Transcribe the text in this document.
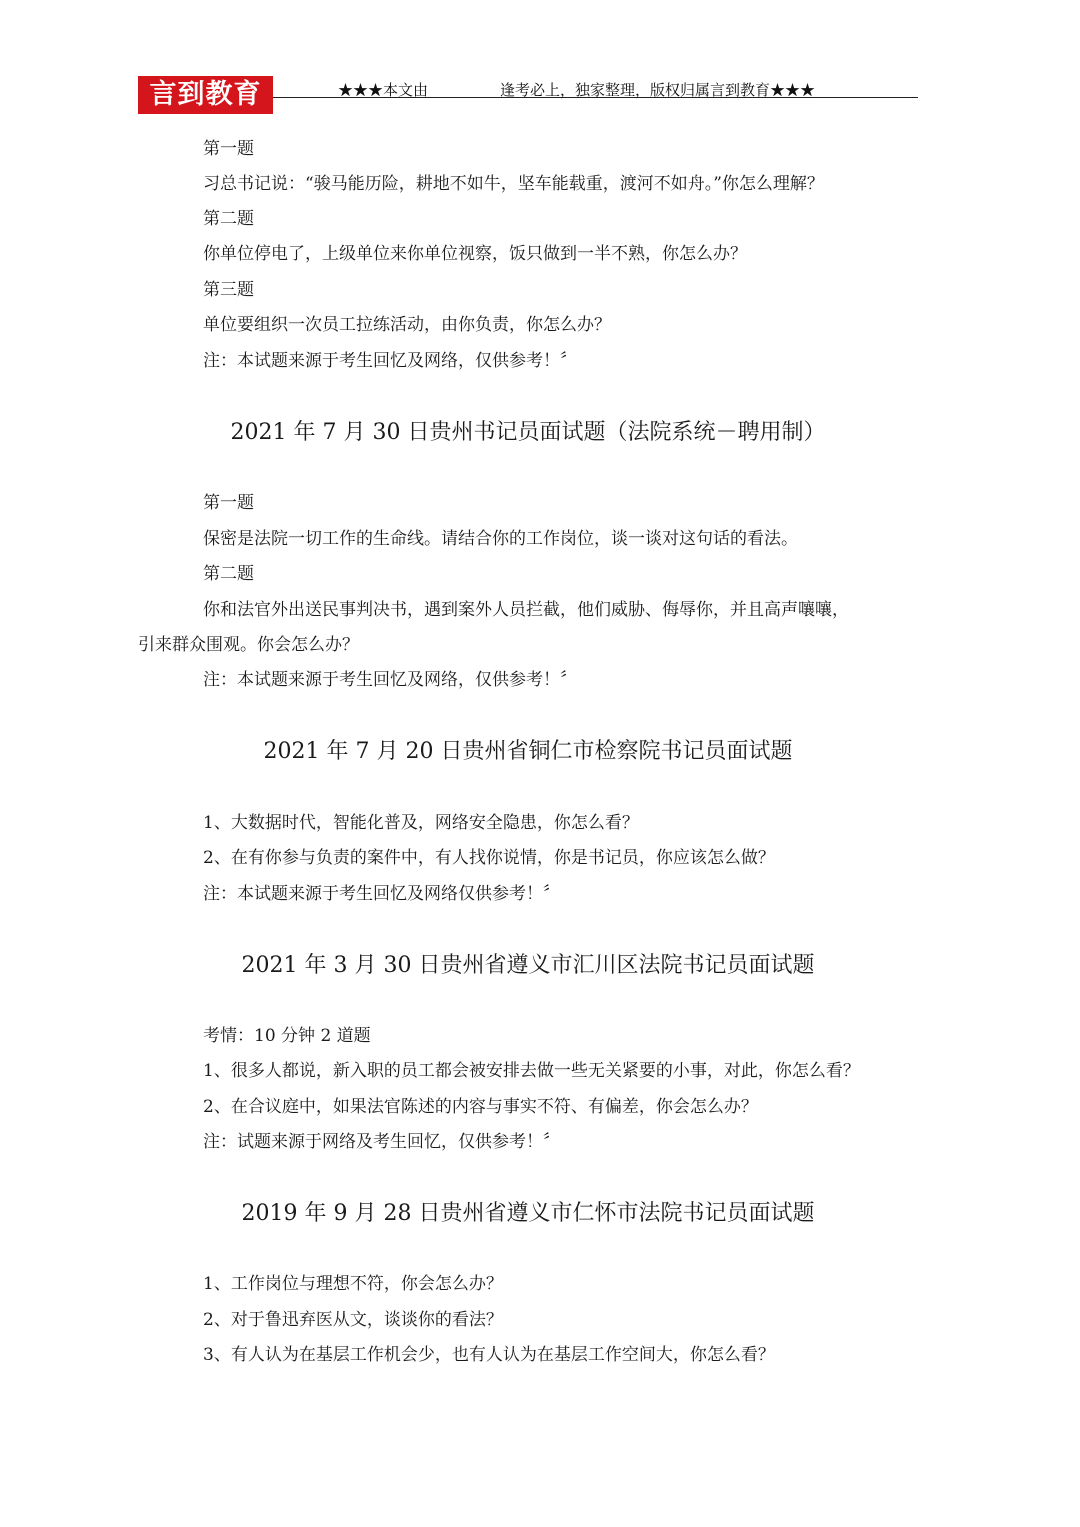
言到教育	★★★本文由	逢考必上，独家整理，版权归属言到教育★★★
第一题
习总书记说：“骏马能历险，耕地不如牛，坚车能载重，渡河不如舟。”你怎么理解？
第二题
你单位停电了，上级单位来你单位视察，饭只做到一半不熟，你怎么办？
第三题
单位要组织一次员工拉练活动，由你负责，你怎么办？
注：本试题来源于考生回忆及网络，仅供参考！〞
2021 年 7 月 30 日贵州书记员面试题（法院系统－聘用制）
第一题
保密是法院一切工作的生命线。请结合你的工作岗位，谈一谈对这句话的看法。
第二题
你和法官外出送民事判决书，遇到案外人员拦截，他们威胁、侮辱你，并且高声嚷嚷，
引来群众围观。你会怎么办？
注：本试题来源于考生回忆及网络，仅供参考！〞
2021 年 7 月 20 日贵州省铜仁市检察院书记员面试题
1、大数据时代，智能化普及，网络安全隐患，你怎么看？
2、在有你参与负责的案件中，有人找你说情，你是书记员，你应该怎么做？
注：本试题来源于考生回忆及网络仅供参考！〞
2021 年 3 月 30 日贵州省遵义市汇川区法院书记员面试题
考情：10 分钟 2 道题
1、很多人都说，新入职的员工都会被安排去做一些无关紧要的小事，对此，你怎么看？
2、在合议庭中，如果法官陈述的内容与事实不符、有偏差，你会怎么办？
注：试题来源于网络及考生回忆，仅供参考！〞
2019 年 9 月 28 日贵州省遵义市仁怀市法院书记员面试题
1、工作岗位与理想不符，你会怎么办？
2、对于鲁迅弃医从文，谈谈你的看法？
3、有人认为在基层工作机会少，也有人认为在基层工作空间大，你怎么看？
